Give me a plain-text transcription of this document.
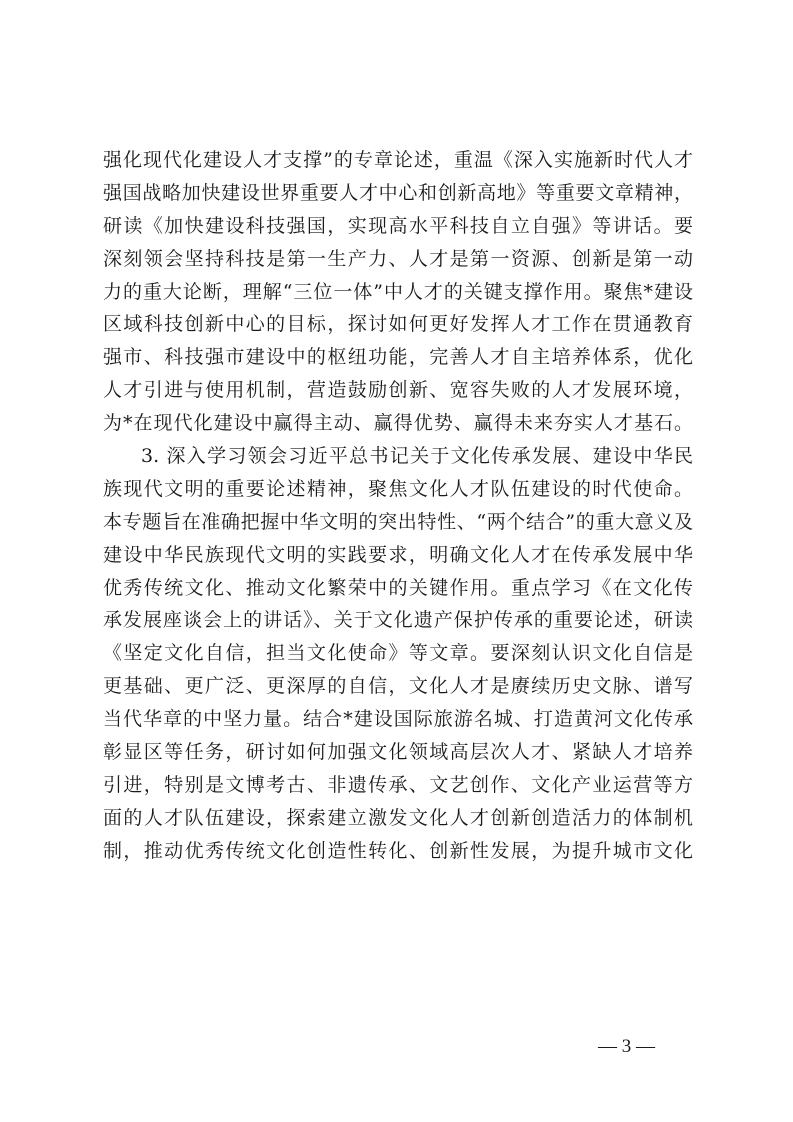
强化现代化建设人才支撑”的专章论述，重温《深入实施新时代人才
强国战略加快建设世界重要人才中心和创新高地》等重要文章精神，
研读《加快建设科技强国，实现高水平科技自立自强》等讲话。要
深刻领会坚持科技是第一生产力、人才是第一资源、创新是第一动
力的重大论断，理解“三位一体”中人才的关键支撑作用。聚焦*建设
区域科技创新中心的目标，探讨如何更好发挥人才工作在贯通教育
强市、科技强市建设中的枢纽功能，完善人才自主培养体系，优化
人才引进与使用机制，营造鼓励创新、宽容失败的人才发展环境，
为*在现代化建设中赢得主动、赢得优势、赢得未来夯实人才基石。
3. 深入学习领会习近平总书记关于文化传承发展、建设中华民
族现代文明的重要论述精神，聚焦文化人才队伍建设的时代使命。
本专题旨在准确把握中华文明的突出特性、“两个结合”的重大意义及
建设中华民族现代文明的实践要求，明确文化人才在传承发展中华
优秀传统文化、推动文化繁荣中的关键作用。重点学习《在文化传
承发展座谈会上的讲话》、关于文化遗产保护传承的重要论述，研读
《坚定文化自信，担当文化使命》等文章。要深刻认识文化自信是
更基础、更广泛、更深厚的自信，文化人才是赓续历史文脉、谱写
当代华章的中坚力量。结合*建设国际旅游名城、打造黄河文化传承
彰显区等任务，研讨如何加强文化领域高层次人才、紧缺人才培养
引进，特别是文博考古、非遗传承、文艺创作、文化产业运营等方
面的人才队伍建设，探索建立激发文化人才创新创造活力的体制机
制，推动优秀传统文化创造性转化、创新性发展，为提升城市文化
— 3 —
